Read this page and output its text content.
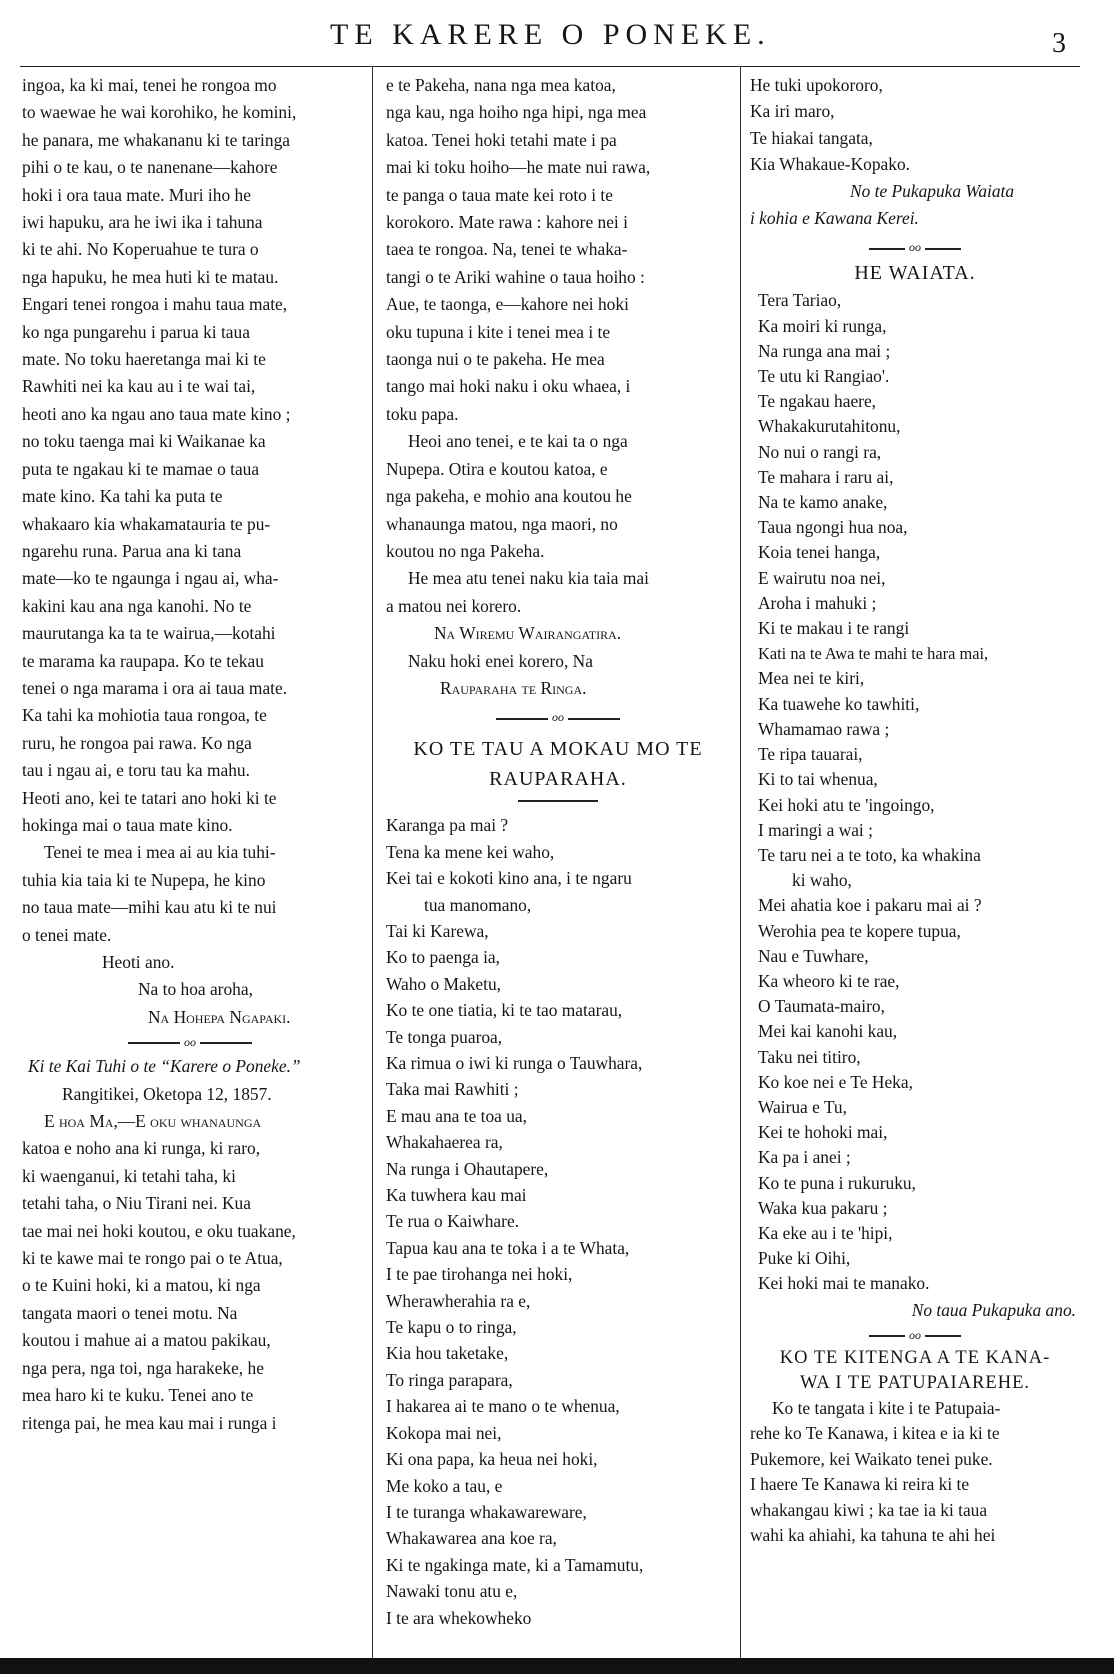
TE KARERE O PONEKE.	3

ingoa, ka ki mai, tenei he rongoa mo
to waewae he wai korohiko, he komini,
he panara, me whakananu ki te taringa
pihi o te kau, o te nanenane—kahore
hoki i ora taua mate. Muri iho he
iwi hapuku, ara he iwi ika i tahuna
ki te ahi. No Koperuahue te tura o
nga hapuku, he mea huti ki te matau.
Engari tenei rongoa i mahu taua mate,
ko nga pungarehu i parua ki taua
mate. No toku haeretanga mai ki te
Rawhiti nei ka kau au i te wai tai,
heoti ano ka ngau ano taua mate kino ;
no toku taenga mai ki Waikanae ka
puta te ngakau ki te mamae o taua
mate kino. Ka tahi ka puta te
whakaaro kia whakamatauria te pu-
ngarehu runa. Parua ana ki tana
mate—ko te ngaunga i ngau ai, wha-
kakini kau ana nga kanohi. No te
maurutanga ka ta te wairua,—kotahi
te marama ka raupapa. Ko te tekau
tenei o nga marama i ora ai taua mate.
Ka tahi ka mohiotia taua rongoa, te
ruru, he rongoa pai rawa. Ko nga
tau i ngau ai, e toru tau ka mahu.
Heoti ano, kei te tatari ano hoki ki te
hokinga mai o taua mate kino.

Tenei te mea i mea ai au kia tuhi-
tuhia kia taia ki te Nupepa, he kino
no taua mate—mihi kau atu ki te nui
o tenei mate.

Heoti ano.
Na to hoa aroha,
Na Hohepa Ngapaki.
oo
Ki te Kai Tuhi o te “Karere o Poneke.”
Rangitikei, Oketopa 12, 1857.

E hoa Ma,—E oku whanaunga
katoa e noho ana ki runga, ki raro,
ki waenganui, ki tetahi taha, ki
tetahi taha, o Niu Tirani nei. Kua
tae mai nei hoki koutou, e oku tuakane,
ki te kawe mai te rongo pai o te Atua,
o te Kuini hoki, ki a matou, ki nga
tangata maori o tenei motu. Na
koutou i mahue ai a matou pakikau,
nga pera, nga toi, nga harakeke, he
mea haro ki te kuku. Tenei ano te
ritenga pai, he mea kau mai i runga i

e te Pakeha, nana nga mea katoa,
nga kau, nga hoiho nga hipi, nga mea
katoa. Tenei hoki tetahi mate i pa
mai ki toku hoiho—he mate nui rawa,
te panga o taua mate kei roto i te
korokoro. Mate rawa : kahore nei i
taea te rongoa. Na, tenei te whaka-
tangi o te Ariki wahine o taua hoiho :
Aue, te taonga, e—kahore nei hoki
oku tupuna i kite i tenei mea i te
taonga nui o te pakeha. He mea
tango mai hoki naku i oku whaea, i
toku papa.

Heoi ano tenei, e te kai ta o nga
Nupepa. Otira e koutou katoa, e
nga pakeha, e mohio ana koutou he
whanaunga matou, nga maori, no
koutou no nga Pakeha.

He mea atu tenei naku kia taia mai
a matou nei korero.

Na Wiremu Wairangatira.
Naku hoki enei korero, Na
Rauparaha te Ringa.
oo
KO TE TAU A MOKAU MO TE
RAUPARAHA.
Karanga pa mai ?
Tena ka mene kei waho,
Kei tai e kokoti kino ana, i te ngaru
tua manomano,
Tai ki Karewa,
Ko to paenga ia,
Waho o Maketu,
Ko te one tiatia, ki te tao matarau,
Te tonga puaroa,
Ka rimua o iwi ki runga o Tauwhara,
Taka mai Rawhiti ;
E mau ana te toa ua,
Whakahaerea ra,
Na runga i Ohautapere,
Ka tuwhera kau mai
Te rua o Kaiwhare.
Tapua kau ana te toka i a te Whata,
I te pae tirohanga nei hoki,
Wherawherahia ra e,
Te kapu o to ringa,
Kia hou taketake,
To ringa parapara,
I hakarea ai te mano o te whenua,
Kokopa mai nei,
Ki ona papa, ka heua nei hoki,
Me koko a tau, e
I te turanga whakawareware,
Whakawarea ana koe ra,
Ki te ngakinga mate, ki a Tamamutu,
Nawaki tonu atu e,
I te ara whekowheko
He tuki upokororo,
Ka iri maro,
Te hiakai tangata,
Kia Whakaue-Kopako.
No te Pukapuka Waiata
i kohia e Kawana Kerei.
oo
HE WAIATA.
Tera Tariao,
Ka moiri ki runga,
Na runga ana mai ;
Te utu ki Rangiao'.
Te ngakau haere,
Whakakurutahitonu,
No nui o rangi ra,
Te mahara i raru ai,
Na te kamo anake,
Taua ngongi hua noa,
Koia tenei hanga,
E wairutu noa nei,
Aroha i mahuki ;
Ki te makau i te rangi
Kati na te Awa te mahi te hara mai,
Mea nei te kiri,
Ka tuawehe ko tawhiti,
Whamamao rawa ;
Te ripa tauarai,
Ki to tai whenua,
Kei hoki atu te 'ingoingo,
I maringi a wai ;
Te taru nei a te toto, ka whakina
ki waho,
Mei ahatia koe i pakaru mai ai ?
Werohia pea te kopere tupua,
Nau e Tuwhare,
Ka wheoro ki te rae,
O Taumata-mairo,
Mei kai kanohi kau,
Taku nei titiro,
Ko koe nei e Te Heka,
Wairua e Tu,
Kei te hohoki mai,
Ka pa i anei ;
Ko te puna i rukuruku,
Waka kua pakaru ;
Ka eke au i te 'hipi,
Puke ki Oihi,
Kei hoki mai te manako.
No taua Pukapuka ano.
oo
KO TE KITENGA A TE KANA-
WA I TE PATUPAIAREHE.

Ko te tangata i kite i te Patupaia-
rehe ko Te Kanawa, i kitea e ia ki te
Pukemore, kei Waikato tenei puke.
I haere Te Kanawa ki reira ki te
whakangau kiwi ; ka tae ia ki taua
wahi ka ahiahi, ka tahuna te ahi hei
